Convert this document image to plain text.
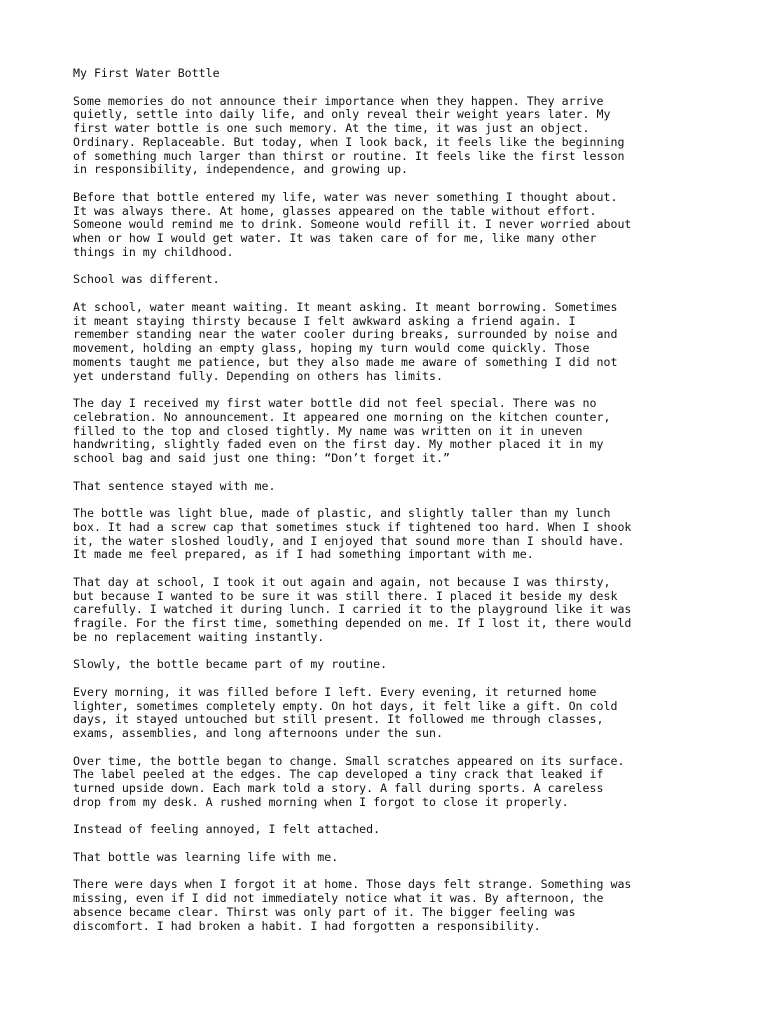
My First Water Bottle
Some memories do not announce their importance when they happen. They arrive
quietly, settle into daily life, and only reveal their weight years later. My
first water bottle is one such memory. At the time, it was just an object.
Ordinary. Replaceable. But today, when I look back, it feels like the beginning
of something much larger than thirst or routine. It feels like the first lesson
in responsibility, independence, and growing up.
Before that bottle entered my life, water was never something I thought about.
It was always there. At home, glasses appeared on the table without effort.
Someone would remind me to drink. Someone would refill it. I never worried about
when or how I would get water. It was taken care of for me, like many other
things in my childhood.
School was different.
At school, water meant waiting. It meant asking. It meant borrowing. Sometimes
it meant staying thirsty because I felt awkward asking a friend again. I
remember standing near the water cooler during breaks, surrounded by noise and
movement, holding an empty glass, hoping my turn would come quickly. Those
moments taught me patience, but they also made me aware of something I did not
yet understand fully. Depending on others has limits.
The day I received my first water bottle did not feel special. There was no
celebration. No announcement. It appeared one morning on the kitchen counter,
filled to the top and closed tightly. My name was written on it in uneven
handwriting, slightly faded even on the first day. My mother placed it in my
school bag and said just one thing: “Don’t forget it.”
That sentence stayed with me.
The bottle was light blue, made of plastic, and slightly taller than my lunch
box. It had a screw cap that sometimes stuck if tightened too hard. When I shook
it, the water sloshed loudly, and I enjoyed that sound more than I should have.
It made me feel prepared, as if I had something important with me.
That day at school, I took it out again and again, not because I was thirsty,
but because I wanted to be sure it was still there. I placed it beside my desk
carefully. I watched it during lunch. I carried it to the playground like it was
fragile. For the first time, something depended on me. If I lost it, there would
be no replacement waiting instantly.
Slowly, the bottle became part of my routine.
Every morning, it was filled before I left. Every evening, it returned home
lighter, sometimes completely empty. On hot days, it felt like a gift. On cold
days, it stayed untouched but still present. It followed me through classes,
exams, assemblies, and long afternoons under the sun.
Over time, the bottle began to change. Small scratches appeared on its surface.
The label peeled at the edges. The cap developed a tiny crack that leaked if
turned upside down. Each mark told a story. A fall during sports. A careless
drop from my desk. A rushed morning when I forgot to close it properly.
Instead of feeling annoyed, I felt attached.
That bottle was learning life with me.
There were days when I forgot it at home. Those days felt strange. Something was
missing, even if I did not immediately notice what it was. By afternoon, the
absence became clear. Thirst was only part of it. The bigger feeling was
discomfort. I had broken a habit. I had forgotten a responsibility.
